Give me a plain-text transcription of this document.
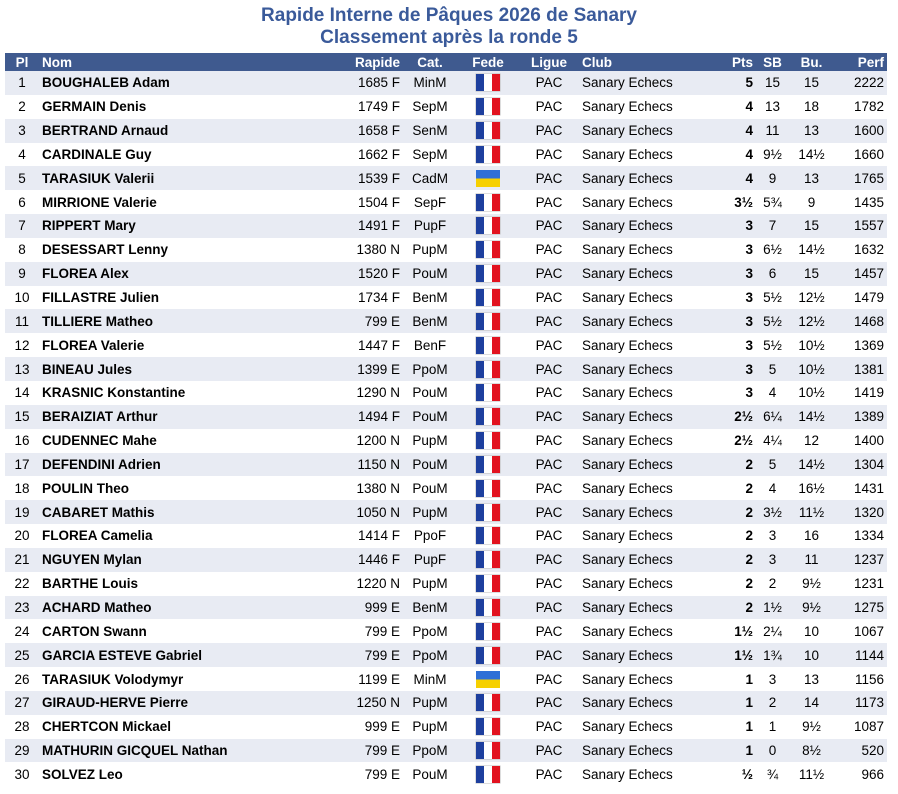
Rapide Interne de Pâques 2026 de Sanary
Classement après la ronde 5
Pl	Nom	Rapide	Cat.	Fede	Ligue	Club	Pts	SB	Bu.	Perf
1	BOUGHALEB Adam	1685 F	MinM		PAC	Sanary Echecs	5	15	15	2222
2	GERMAIN Denis	1749 F	SepM		PAC	Sanary Echecs	4	13	18	1782
3	BERTRAND Arnaud	1658 F	SenM		PAC	Sanary Echecs	4	11	13	1600
4	CARDINALE Guy	1662 F	SepM		PAC	Sanary Echecs	4	9½	14½	1660
5	TARASIUK Valerii	1539 F	CadM		PAC	Sanary Echecs	4	9	13	1765
6	MIRRIONE Valerie	1504 F	SepF		PAC	Sanary Echecs	3½	5¾	9	1435
7	RIPPERT Mary	1491 F	PupF		PAC	Sanary Echecs	3	7	15	1557
8	DESESSART Lenny	1380 N	PupM		PAC	Sanary Echecs	3	6½	14½	1632
9	FLOREA Alex	1520 F	PouM		PAC	Sanary Echecs	3	6	15	1457
10	FILLASTRE Julien	1734 F	BenM		PAC	Sanary Echecs	3	5½	12½	1479
11	TILLIERE Matheo	799 E	BenM		PAC	Sanary Echecs	3	5½	12½	1468
12	FLOREA Valerie	1447 F	BenF		PAC	Sanary Echecs	3	5½	10½	1369
13	BINEAU Jules	1399 E	PpoM		PAC	Sanary Echecs	3	5	10½	1381
14	KRASNIC Konstantine	1290 N	PouM		PAC	Sanary Echecs	3	4	10½	1419
15	BERAIZIAT Arthur	1494 F	PouM		PAC	Sanary Echecs	2½	6¼	14½	1389
16	CUDENNEC Mahe	1200 N	PupM		PAC	Sanary Echecs	2½	4¼	12	1400
17	DEFENDINI Adrien	1150 N	PouM		PAC	Sanary Echecs	2	5	14½	1304
18	POULIN Theo	1380 N	PouM		PAC	Sanary Echecs	2	4	16½	1431
19	CABARET Mathis	1050 N	PupM		PAC	Sanary Echecs	2	3½	11½	1320
20	FLOREA Camelia	1414 F	PpoF		PAC	Sanary Echecs	2	3	16	1334
21	NGUYEN Mylan	1446 F	PupF		PAC	Sanary Echecs	2	3	11	1237
22	BARTHE Louis	1220 N	PupM		PAC	Sanary Echecs	2	2	9½	1231
23	ACHARD Matheo	999 E	BenM		PAC	Sanary Echecs	2	1½	9½	1275
24	CARTON Swann	799 E	PpoM		PAC	Sanary Echecs	1½	2¼	10	1067
25	GARCIA ESTEVE Gabriel	799 E	PpoM		PAC	Sanary Echecs	1½	1¾	10	1144
26	TARASIUK Volodymyr	1199 E	MinM		PAC	Sanary Echecs	1	3	13	1156
27	GIRAUD-HERVE Pierre	1250 N	PupM		PAC	Sanary Echecs	1	2	14	1173
28	CHERTCON Mickael	999 E	PupM		PAC	Sanary Echecs	1	1	9½	1087
29	MATHURIN GICQUEL Nathan	799 E	PpoM		PAC	Sanary Echecs	1	0	8½	520
30	SOLVEZ Leo	799 E	PouM		PAC	Sanary Echecs	½	¾	11½	966
